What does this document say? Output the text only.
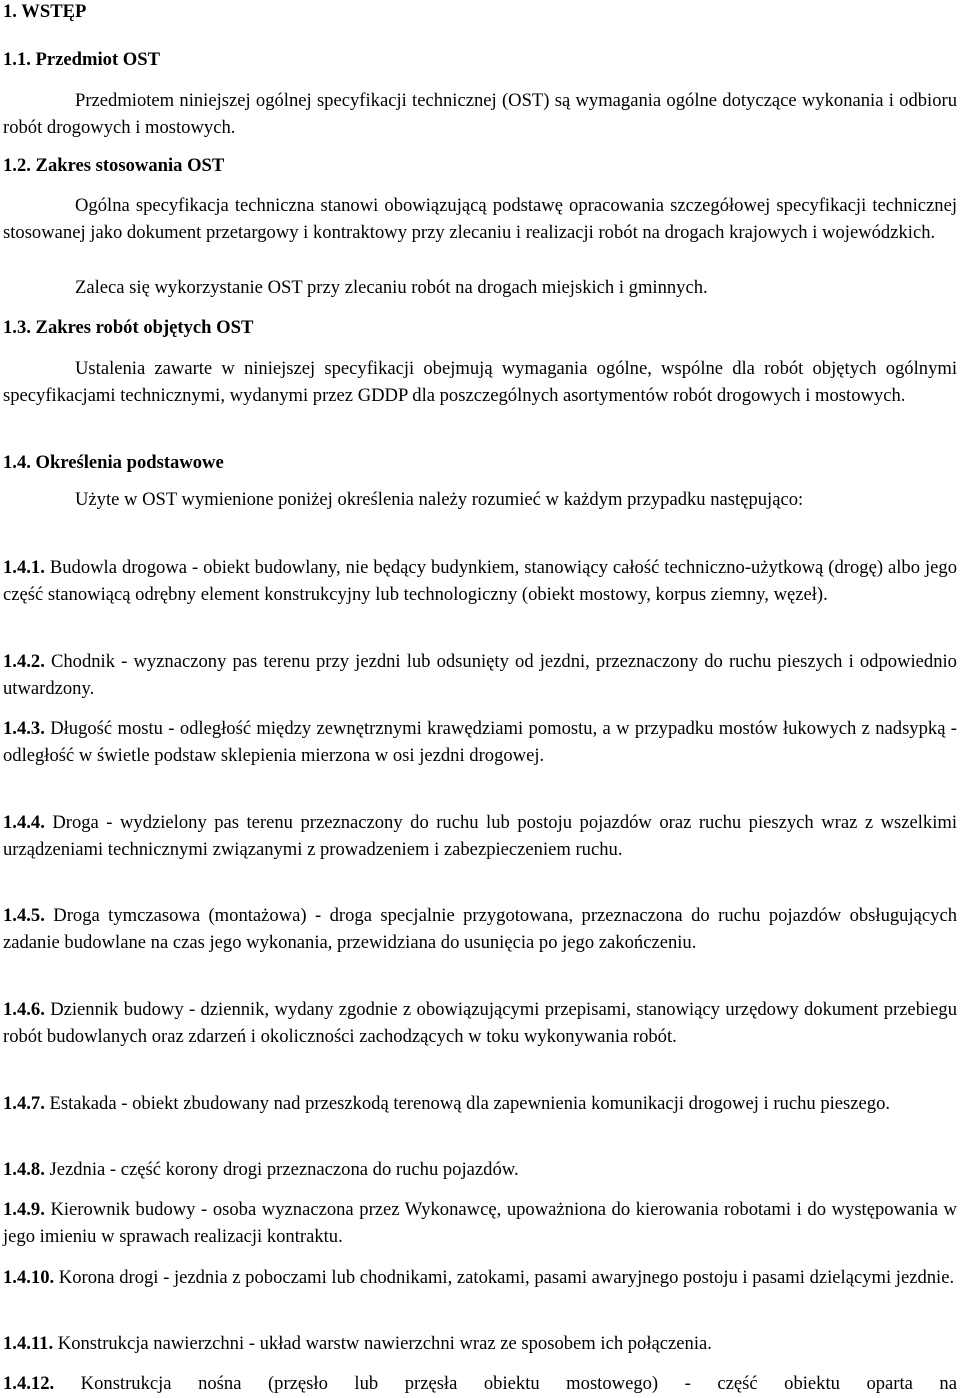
1. WSTĘP
1.1. Przedmiot OST

Przedmiotem niniejszej ogólnej specyfikacji technicznej (OST) są wymagania ogólne dotyczące wykonania i odbioru robót drogowych i mostowych.

1.2. Zakres stosowania OST

Ogólna specyfikacja techniczna stanowi obowiązującą podstawę opracowania szczegółowej specyfikacji technicznej stosowanej jako dokument przetargowy i kontraktowy przy zlecaniu i realizacji robót na drogach krajowych i wojewódzkich.

Zaleca się wykorzystanie OST przy zlecaniu robót na drogach miejskich i gminnych.

1.3. Zakres robót objętych OST

Ustalenia zawarte w niniejszej specyfikacji obejmują wymagania ogólne, wspólne dla robót objętych ogólnymi specyfikacjami technicznymi, wydanymi przez GDDP dla poszczególnych asortymentów robót drogowych i mostowych.

1.4. Określenia podstawowe

Użyte w OST wymienione poniżej określenia należy rozumieć w każdym przypadku następująco:

1.4.1. Budowla drogowa - obiekt budowlany, nie będący budynkiem, stanowiący całość techniczno-użytkową (drogę) albo jego część stanowiącą odrębny element konstrukcyjny lub technologiczny (obiekt mostowy, korpus ziemny, węzeł).

1.4.2. Chodnik - wyznaczony pas terenu przy jezdni lub odsunięty od jezdni, przeznaczony do ruchu pieszych i odpowiednio utwardzony.

1.4.3. Długość mostu - odległość między zewnętrznymi krawędziami pomostu, a w przypadku mostów łukowych z nadsypką - odległość w świetle podstaw sklepienia mierzona w osi jezdni drogowej.

1.4.4. Droga - wydzielony pas terenu przeznaczony do ruchu lub postoju pojazdów oraz ruchu pieszych wraz z wszelkimi urządzeniami technicznymi związanymi z prowadzeniem i zabezpieczeniem ruchu.

1.4.5. Droga tymczasowa (montażowa) - droga specjalnie przygotowana, przeznaczona do ruchu pojazdów obsługujących zadanie budowlane na czas jego wykonania, przewidziana do usunięcia po jego zakończeniu.

1.4.6. Dziennik budowy - dziennik, wydany zgodnie z obowiązującymi przepisami, stanowiący urzędowy dokument przebiegu robót budowlanych oraz zdarzeń i okoliczności zachodzących w toku wykonywania robót.

1.4.7. Estakada - obiekt zbudowany nad przeszkodą terenową dla zapewnienia komunikacji drogowej i ruchu pieszego.

1.4.8. Jezdnia - część korony drogi przeznaczona do ruchu pojazdów.

1.4.9. Kierownik budowy - osoba wyznaczona przez Wykonawcę, upoważniona do kierowania robotami i do występowania w jego imieniu w sprawach realizacji kontraktu.

1.4.10. Korona drogi - jezdnia z poboczami lub chodnikami, zatokami, pasami awaryjnego postoju i pasami dzielącymi jezdnie.

1.4.11. Konstrukcja nawierzchni - układ warstw nawierzchni wraz ze sposobem ich połączenia.

1.4.12. Konstrukcja nośna (przęsło lub przęsła obiektu mostowego) - część obiektu oparta na
